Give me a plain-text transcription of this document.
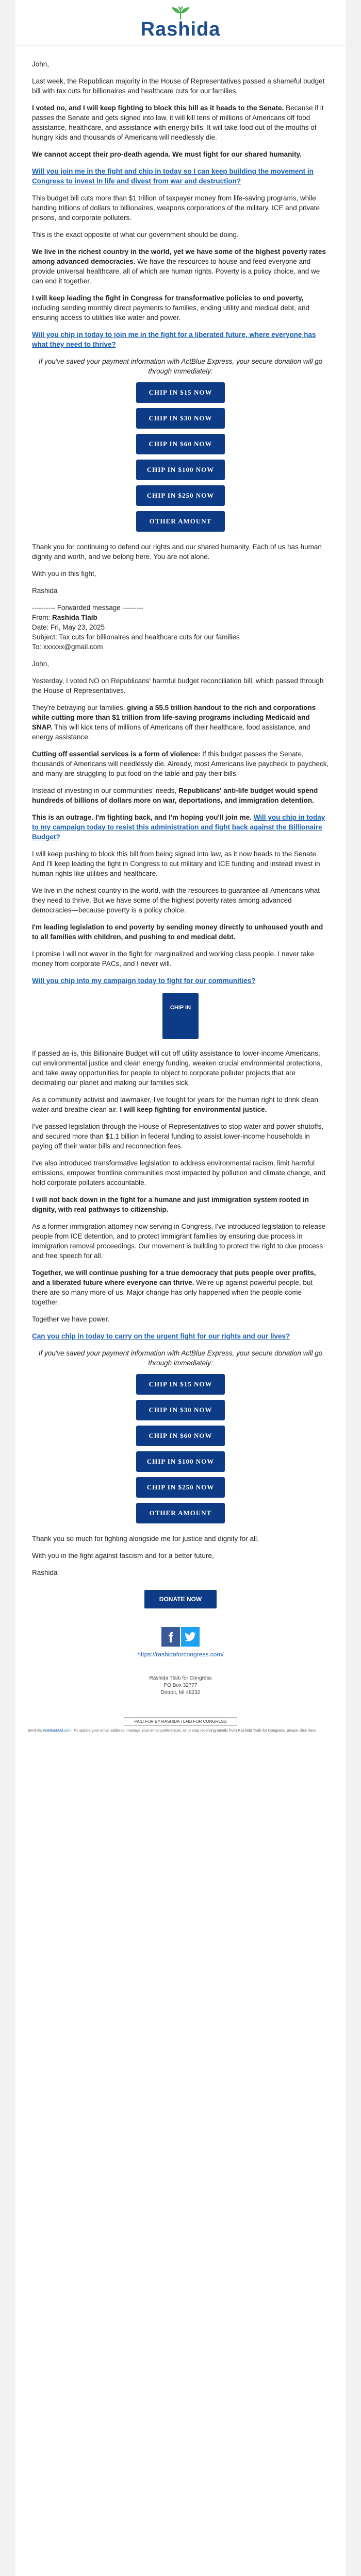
Rashida

John,

Last week, the Republican majority in the House of Representatives passed a shameful budget bill with tax cuts for billionaires and healthcare cuts for our families.

I voted no, and I will keep fighting to block this bill as it heads to the Senate. Because if it passes the Senate and gets signed into law, it will kill tens of millions of Americans off food assistance, healthcare, and assistance with energy bills. It will take food out of the mouths of hungry kids and thousands of Americans will needlessly die.

We cannot accept their pro-death agenda. We must fight for our shared humanity.

Will you join me in the fight and chip in today so I can keep building the movement in Congress to invest in life and divest from war and destruction?

This budget bill cuts more than $1 trillion of taxpayer money from life-saving programs, while handing trillions of dollars to billionaires, weapons corporations of the military, ICE and private prisons, and corporate polluters.

This is the exact opposite of what our government should be doing.

We live in the richest country in the world, yet we have some of the highest poverty rates among advanced democracies. We have the resources to house and feed everyone and provide universal healthcare, all of which are human rights. Poverty is a policy choice, and we can end it together.

I will keep leading the fight in Congress for transformative policies to end poverty, including sending monthly direct payments to families, ending utility and medical debt, and ensuring access to utilities like water and power.

Will you chip in today to join me in the fight for a liberated future, where everyone has what they need to thrive?

If you've saved your payment information with ActBlue Express, your secure donation will go through immediately:

CHIP IN $15 NOW
CHIP IN $30 NOW
CHIP IN $60 NOW
CHIP IN $100 NOW
CHIP IN $250 NOW
OTHER AMOUNT

Thank you for continuing to defend our rights and our shared humanity. Each of us has human dignity and worth, and we belong here. You are not alone.

With you in this fight,

Rashida

---------- Forwarded message ---------
From: Rashida Tlaib
Date: Fri, May 23, 2025
Subject: Tax cuts for billionaires and healthcare cuts for our families
To: xxxxxx@gmail.com

John,

Yesterday, I voted NO on Republicans' harmful budget reconciliation bill, which passed through the House of Representatives.

They're betraying our families, giving a $5.5 trillion handout to the rich and corporations while cutting more than $1 trillion from life-saving programs including Medicaid and SNAP. This will kick tens of millions of Americans off their healthcare, food assistance, and energy assistance.

Cutting off essential services is a form of violence: If this budget passes the Senate, thousands of Americans will needlessly die. Already, most Americans live paycheck to paycheck, and many are struggling to put food on the table and pay their bills.

Instead of investing in our communities' needs, Republicans' anti-life budget would spend hundreds of billions of dollars more on war, deportations, and immigration detention.

This is an outrage. I'm fighting back, and I'm hoping you'll join me. Will you chip in today to my campaign today to resist this administration and fight back against the Billionaire Budget?

I will keep pushing to block this bill from being signed into law, as it now heads to the Senate. And I'll keep leading the fight in Congress to cut military and ICE funding and instead invest in human rights like utilities and healthcare.

We live in the richest country in the world, with the resources to guarantee all Americans what they need to thrive. But we have some of the highest poverty rates among advanced democracies—because poverty is a policy choice.

I'm leading legislation to end poverty by sending money directly to unhoused youth and to all families with children, and pushing to end medical debt.

I promise I will not waver in the fight for marginalized and working class people. I never take money from corporate PACs, and I never will.

Will you chip into my campaign today to fight for our communities?

CHIP IN

If passed as-is, this Billionaire Budget will cut off utility assistance to lower-income Americans, cut environmental justice and clean energy funding, weaken crucial environmental protections, and take away opportunities for people to object to corporate polluter projects that are decimating our planet and making our families sick.

As a community activist and lawmaker, I've fought for years for the human right to drink clean water and breathe clean air. I will keep fighting for environmental justice.

I've passed legislation through the House of Representatives to stop water and power shutoffs, and secured more than $1.1 billion in federal funding to assist lower-income households in paying off their water bills and reconnection fees.

I've also introduced transformative legislation to address environmental racism, limit harmful emissions, empower frontline communities most impacted by pollution and climate change, and hold corporate polluters accountable.

I will not back down in the fight for a humane and just immigration system rooted in dignity, with real pathways to citizenship.

As a former immigration attorney now serving in Congress, I've introduced legislation to release people from ICE detention, and to protect immigrant families by ensuring due process in immigration removal proceedings. Our movement is building to protect the right to due process and free speech for all.

Together, we will continue pushing for a true democracy that puts people over profits, and a liberated future where everyone can thrive. We're up against powerful people, but there are so many more of us. Major change has only happened when the people come together.

Together we have power.

Can you chip in today to carry on the urgent fight for our rights and our lives?

If you've saved your payment information with ActBlue Express, your secure donation will go through immediately:

CHIP IN $15 NOW
CHIP IN $30 NOW
CHIP IN $60 NOW
CHIP IN $100 NOW
CHIP IN $250 NOW
OTHER AMOUNT

Thank you so much for fighting alongside me for justice and dignity for all.

With you in the fight against fascism and for a better future,

Rashida

DONATE NOW
f
https://rashidaforcongress.com/
Rashida Tlaib for Congress
PO Box 32777
Detroit, MI 48232
PAID FOR BY RASHIDA TLAIB FOR CONGRESS
Sent via ActBlueMail.com. To update your email address, manage your email preferences, or to stop receiving emails from Rashida Tlaib for Congress, please click here.
